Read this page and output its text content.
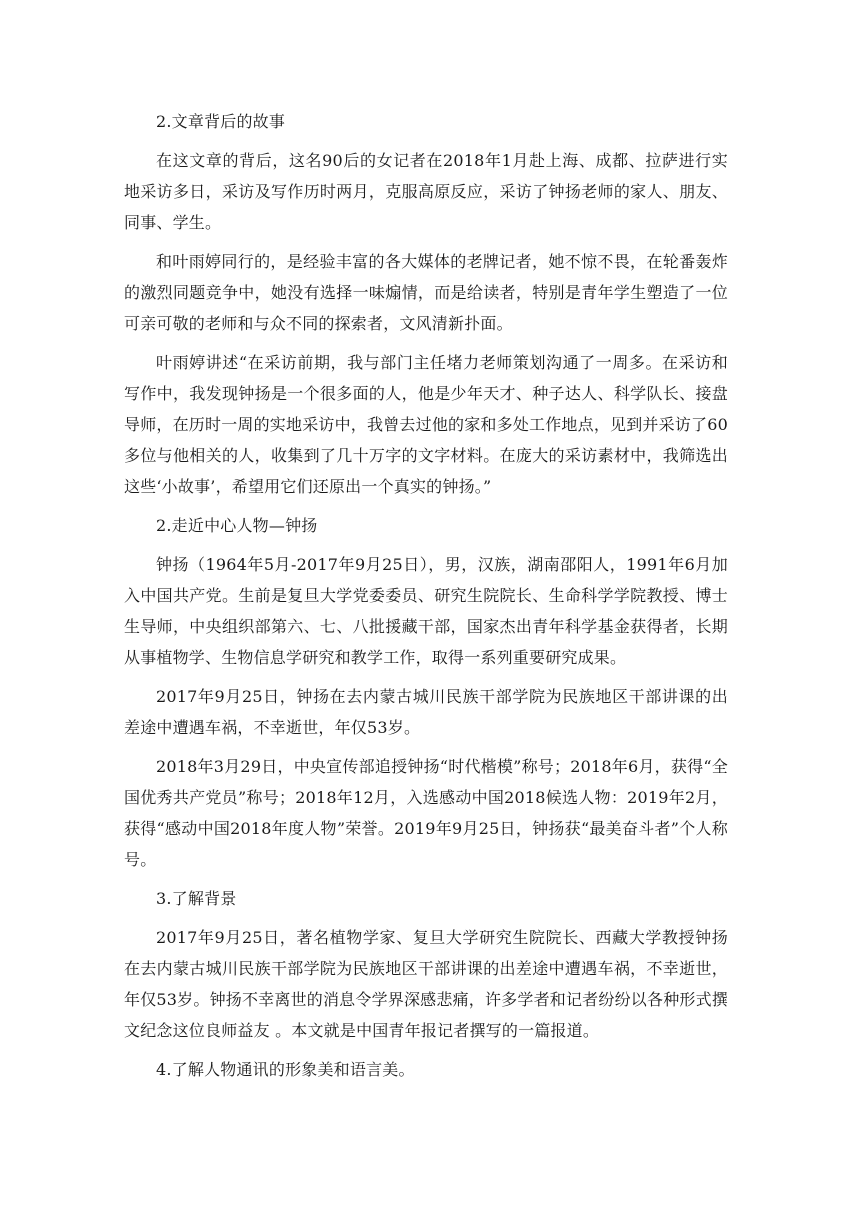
2.文章背后的故事

在这文章的背后，这名90后的女记者在2018年1月赴上海、成都、拉萨进行实地采访多日，采访及写作历时两月，克服高原反应，采访了钟扬老师的家人、朋友、同事、学生。

和叶雨婷同行的，是经验丰富的各大媒体的老牌记者，她不惊不畏，在轮番轰炸的激烈同题竞争中，她没有选择一味煽情，而是给读者，特别是青年学生塑造了一位可亲可敬的老师和与众不同的探索者，文风清新扑面。

叶雨婷讲述“在采访前期，我与部门主任堵力老师策划沟通了一周多。在采访和写作中，我发现钟扬是一个很多面的人，他是少年天才、种子达人、科学队长、接盘导师，在历时一周的实地采访中，我曾去过他的家和多处工作地点，见到并采访了60多位与他相关的人，收集到了几十万字的文字材料。在庞大的采访素材中，我筛选出这些‘小故事’，希望用它们还原出一个真实的钟扬。”

2.走近中心人物—钟扬

钟扬（1964年5月-2017年9月25日），男，汉族，湖南邵阳人，1991年6月加入中国共产党。生前是复旦大学党委委员、研究生院院长、生命科学学院教授、博士生导师，中央组织部第六、七、八批援藏干部，国家杰出青年科学基金获得者，长期从事植物学、生物信息学研究和教学工作，取得一系列重要研究成果。

2017年9月25日，钟扬在去内蒙古城川民族干部学院为民族地区干部讲课的出差途中遭遇车祸，不幸逝世，年仅53岁。

2018年3月29日，中央宣传部追授钟扬“时代楷模”称号；2018年6月，获得“全国优秀共产党员”称号；2018年12月，入选感动中国2018候选人物：2019年2月，获得“感动中国2018年度人物”荣誉。2019年9月25日，钟扬获“最美奋斗者”个人称号。

3.了解背景

2017年9月25日，著名植物学家、复旦大学研究生院院长、西藏大学教授钟扬在去内蒙古城川民族干部学院为民族地区干部讲课的出差途中遭遇车祸，不幸逝世，年仅53岁。钟扬不幸离世的消息令学界深感悲痛，许多学者和记者纷纷以各种形式撰文纪念这位良师益友 。本文就是中国青年报记者撰写的一篇报道。

4.了解人物通讯的形象美和语言美。
